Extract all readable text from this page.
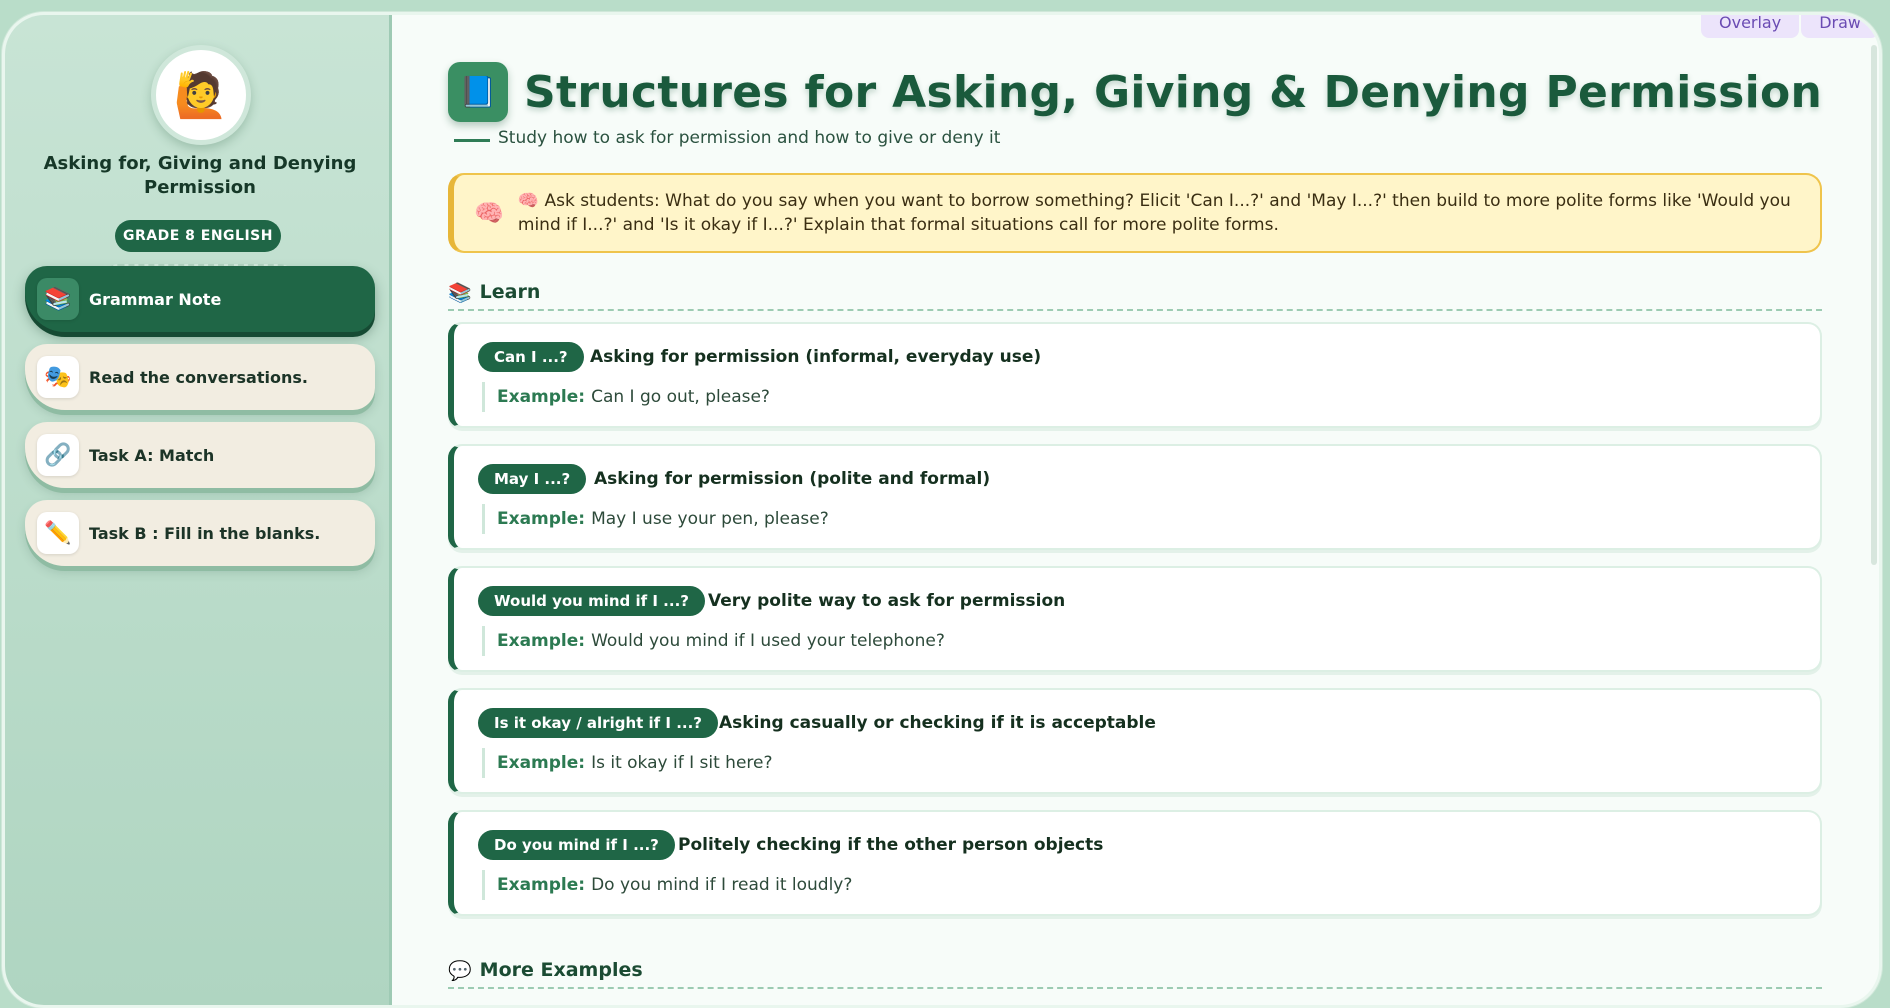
🙋
Asking for, Giving and Denying Permission
GRADE 8 ENGLISH
📚	Grammar Note
🎭	Read the conversations.
🔗	Task A: Match
✏️	Task B : Fill in the blanks.
Overlay	Draw
📘 Structures for Asking, Giving & Denying Permission
Study how to ask for permission and how to give or deny it
🧠 🧠 Ask students: What do you say when you want to borrow something? Elicit 'Can I...?' and 'May I...?' then build to more polite forms like 'Would you mind if I...?' and 'Is it okay if I...?' Explain that formal situations call for more polite forms.
📚 Learn
Can I ...?	Asking for permission (informal, everyday use)
Example: Can I go out, please?
May I ...?	Asking for permission (polite and formal)
Example: May I use your pen, please?
Would you mind if I ...?	Very polite way to ask for permission
Example: Would you mind if I used your telephone?
Is it okay / alright if I ...? Asking casually or checking if it is acceptable
Example: Is it okay if I sit here?
Do you mind if I ...?	Politely checking if the other person objects
Example: Do you mind if I read it loudly?
💬 More Examples
